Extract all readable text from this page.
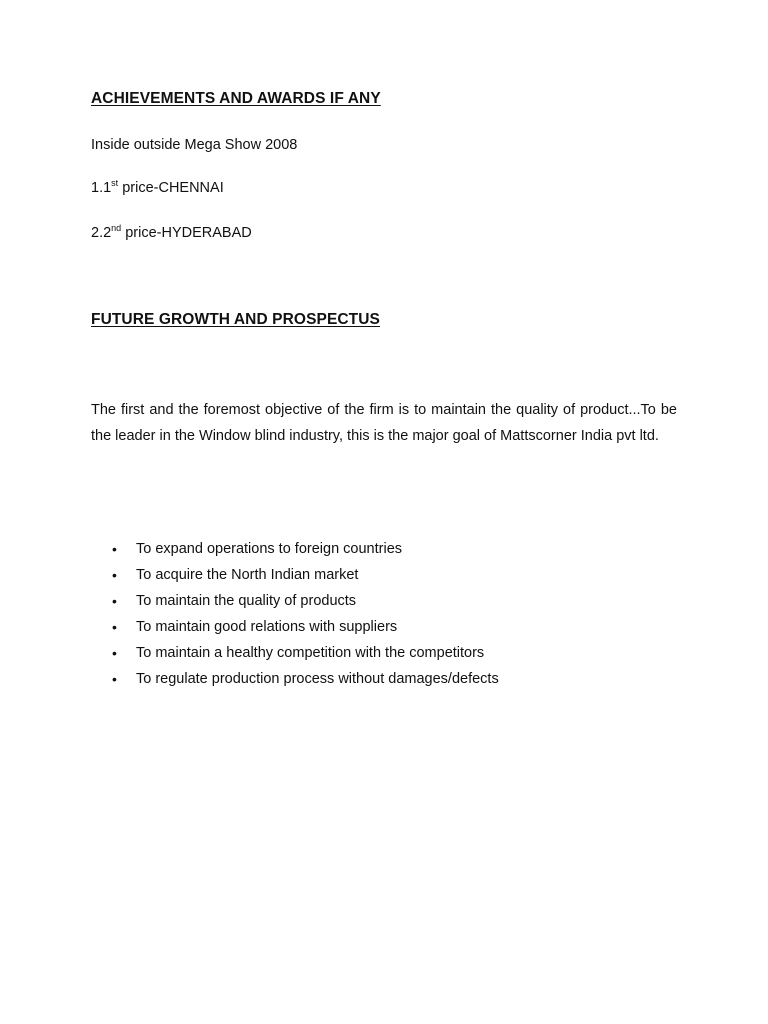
ACHIEVEMENTS AND AWARDS IF ANY

Inside outside Mega Show 2008

1.1st price-CHENNAI

2.2nd price-HYDERABAD

FUTURE GROWTH AND PROSPECTUS

The first and the foremost objective of the firm is to maintain the quality of product...To be the leader in the Window blind industry, this is the major goal of Mattscorner India pvt ltd.

• To expand operations to foreign countries
• To acquire the North Indian market
• To maintain the quality of products
• To maintain good relations with suppliers
• To maintain a healthy competition with the competitors
• To regulate production process without damages/defects
